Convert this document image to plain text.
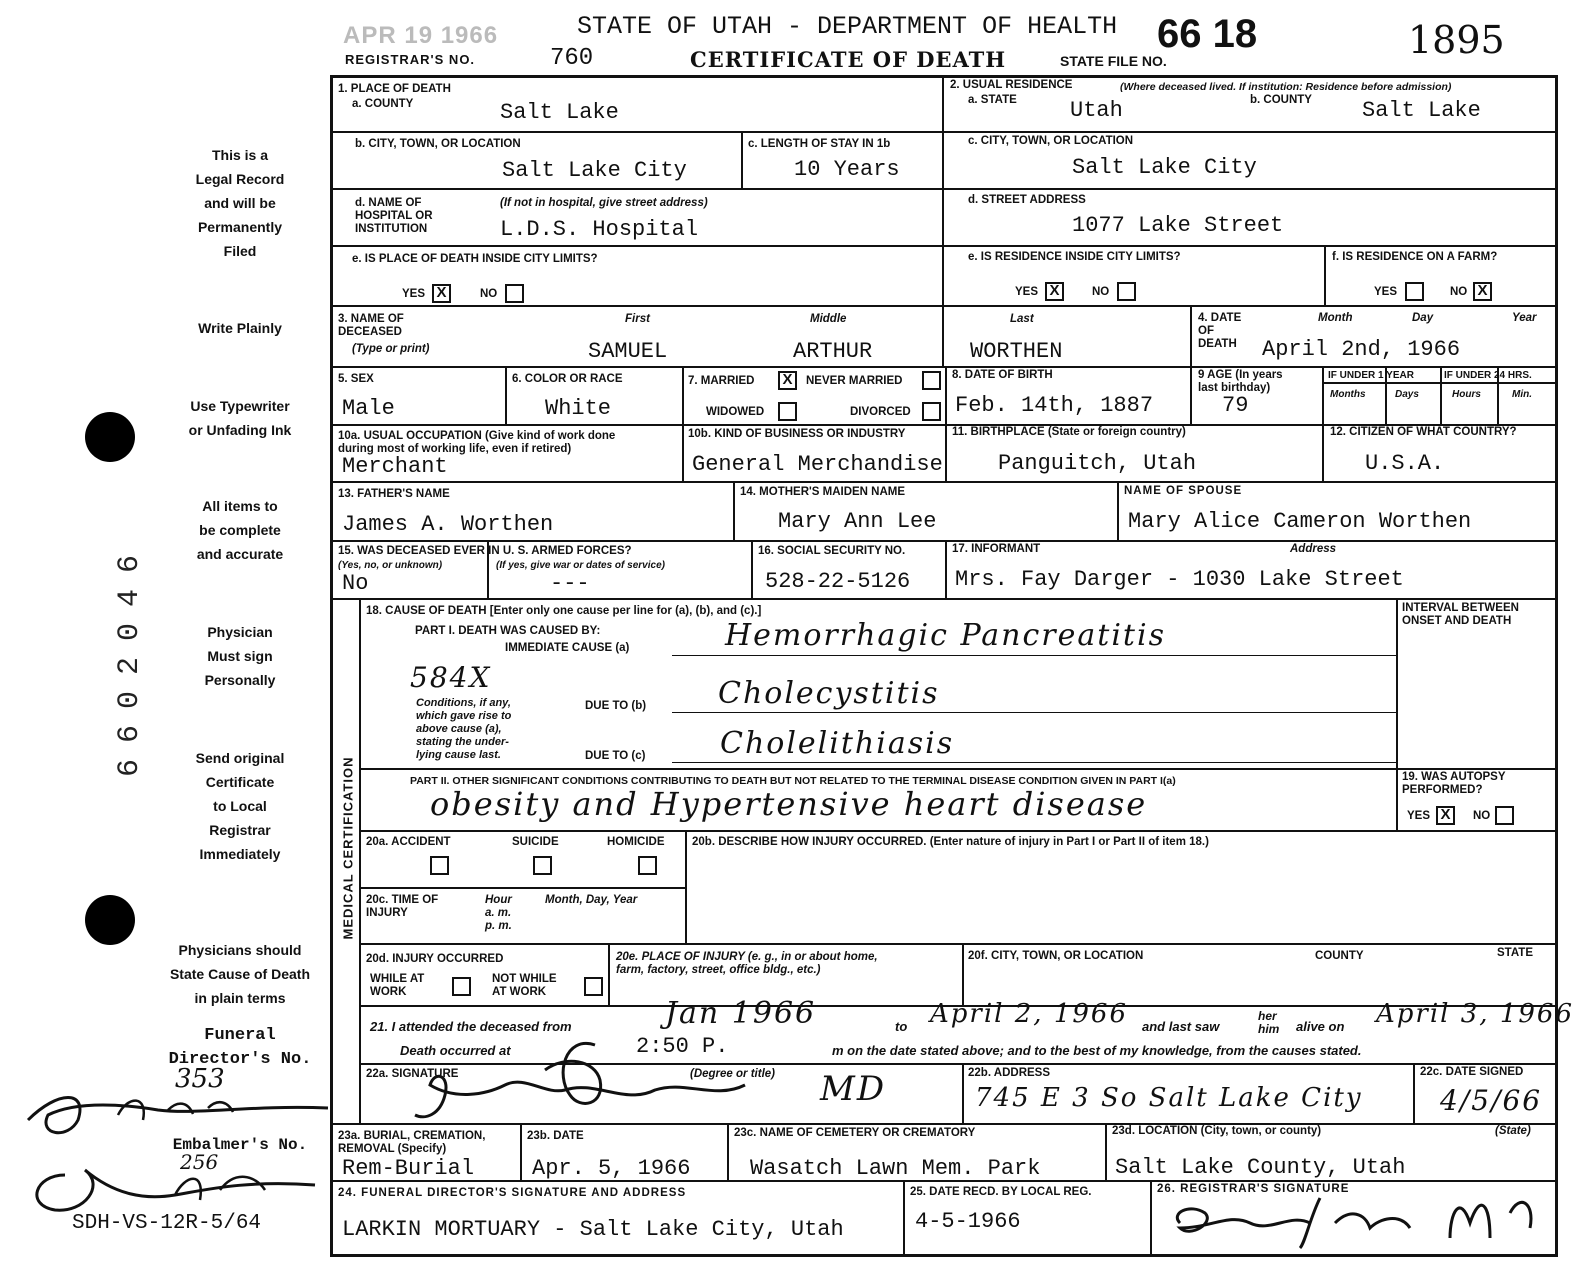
APR 19 1966	STATE OF UTAH - DEPARTMENT OF HEALTH 66 18	1895
REGISTRAR'S NO.	760	CERTIFICATE OF DEATH	STATE FILE NO.
This is a
Legal Record
and will be
Permanently
Filed
Write Plainly
Use Typewriter
or Unfading Ink
All items to
be complete
and accurate
Physician
Must sign
Personally
Send original
Certificate
to Local
Registrar
Immediately
Physicians should
State Cause of Death
in plain terms
Funeral
Director's No.
353
Embalmer's No.
256
SDH-VS-12R-5/64
6602046
1. PLACE OF DEATH
a. COUNTY	Salt Lake
2. USUAL RESIDENCE	(Where deceased lived. If institution: Residence before admission)
a. STATE Utah	b. COUNTY Salt Lake
b. CITY, TOWN, OR LOCATION
Salt Lake City
c. LENGTH OF STAY IN 1b
10 Years
c. CITY, TOWN, OR LOCATION
Salt Lake City
d. NAME OF
HOSPITAL OR
INSTITUTION
(If not in hospital, give street address)
L.D.S. Hospital
d. STREET ADDRESS
1077 Lake Street
e. IS PLACE OF DEATH INSIDE CITY LIMITS?
YES X	NO
e. IS RESIDENCE INSIDE CITY LIMITS?
YES X	NO
f. IS RESIDENCE ON A FARM?
YES	NO X
3. NAME OF
DECEASED
(Type or print)
First	Middle	Last
SAMUEL	ARTHUR	WORTHEN
4. DATE
OF
DEATH
Month	Day	Year
April 2nd, 1966
5. SEX
Male
6. COLOR OR RACE
White
7. MARRIED X	NEVER MARRIED
WIDOWED	DIVORCED
8. DATE OF BIRTH
Feb. 14th, 1887
9 AGE (In years
last birthday)
79
IF UNDER 1 YEAR	IF UNDER 24 HRS.
Months	Days	Hours	Min.
10a. USUAL OCCUPATION (Give kind of work done
during most of working life, even if retired)
Merchant
10b. KIND OF BUSINESS OR INDUSTRY
General Merchandise
11. BIRTHPLACE (State or foreign country)
Panguitch, Utah
12. CITIZEN OF WHAT COUNTRY?
U.S.A.
13. FATHER'S NAME
James A. Worthen
14. MOTHER'S MAIDEN NAME
Mary Ann Lee
NAME OF SPOUSE
Mary Alice Cameron Worthen
15. WAS DECEASED EVER IN U. S. ARMED FORCES?
(Yes, no, or unknown)	(If yes, give war or dates of service)
No	---
16. SOCIAL SECURITY NO.
528-22-5126
17. INFORMANT	Address
Mrs. Fay Darger - 1030 Lake Street
MEDICAL CERTIFICATION
18. CAUSE OF DEATH [Enter only one cause per line for (a), (b), and (c).]
PART I. DEATH WAS CAUSED BY:
IMMEDIATE CAUSE (a)	Hemorrhagic Pancreatitis
584X
Conditions, if any,
which gave rise to
above cause (a),
stating the under-
lying cause last.
DUE TO (b) Cholecystitis
DUE TO (c) Cholelithiasis
INTERVAL BETWEEN
ONSET AND DEATH
PART II. OTHER SIGNIFICANT CONDITIONS CONTRIBUTING TO DEATH BUT NOT RELATED TO THE TERMINAL DISEASE CONDITION GIVEN IN PART I(a)
obesity and Hypertensive heart disease
19. WAS AUTOPSY
PERFORMED?
YES X	NO
20a. ACCIDENT	SUICIDE	HOMICIDE 20b. DESCRIBE HOW INJURY OCCURRED. (Enter nature of injury in Part I or Part II of item 18.)
20c. TIME OF
INJURY
Hour
a. m.
p. m.
Month, Day, Year
20d. INJURY OCCURRED
WHILE AT
WORK
NOT WHILE
AT WORK
20e. PLACE OF INJURY (e. g., in or about home,
farm, factory, street, office bldg., etc.)
20f. CITY, TOWN, OR LOCATION	COUNTY	STATE
21. I attended the deceased from	Jan 1966	to April 2, 1966 and last saw
her
him alive on April 3, 1966
Death occurred at	2:50 P.	m on the date stated above; and to the best of my knowledge, from the causes stated.
22a. SIGNATURE	(Degree or title) MD	22b. ADDRESS
745 E 3 So Salt Lake City
22c. DATE SIGNED
4/5/66
23a. BURIAL, CREMATION,
REMOVAL (Specify)
Rem-Burial
23b. DATE
Apr. 5, 1966
23c. NAME OF CEMETERY OR CREMATORY
Wasatch Lawn Mem. Park
23d. LOCATION (City, town, or county)	(State)
Salt Lake County, Utah
24. FUNERAL DIRECTOR'S SIGNATURE AND ADDRESS
LARKIN MORTUARY - Salt Lake City, Utah
25. DATE RECD. BY LOCAL REG.
4-5-1966
26. REGISTRAR'S SIGNATURE
